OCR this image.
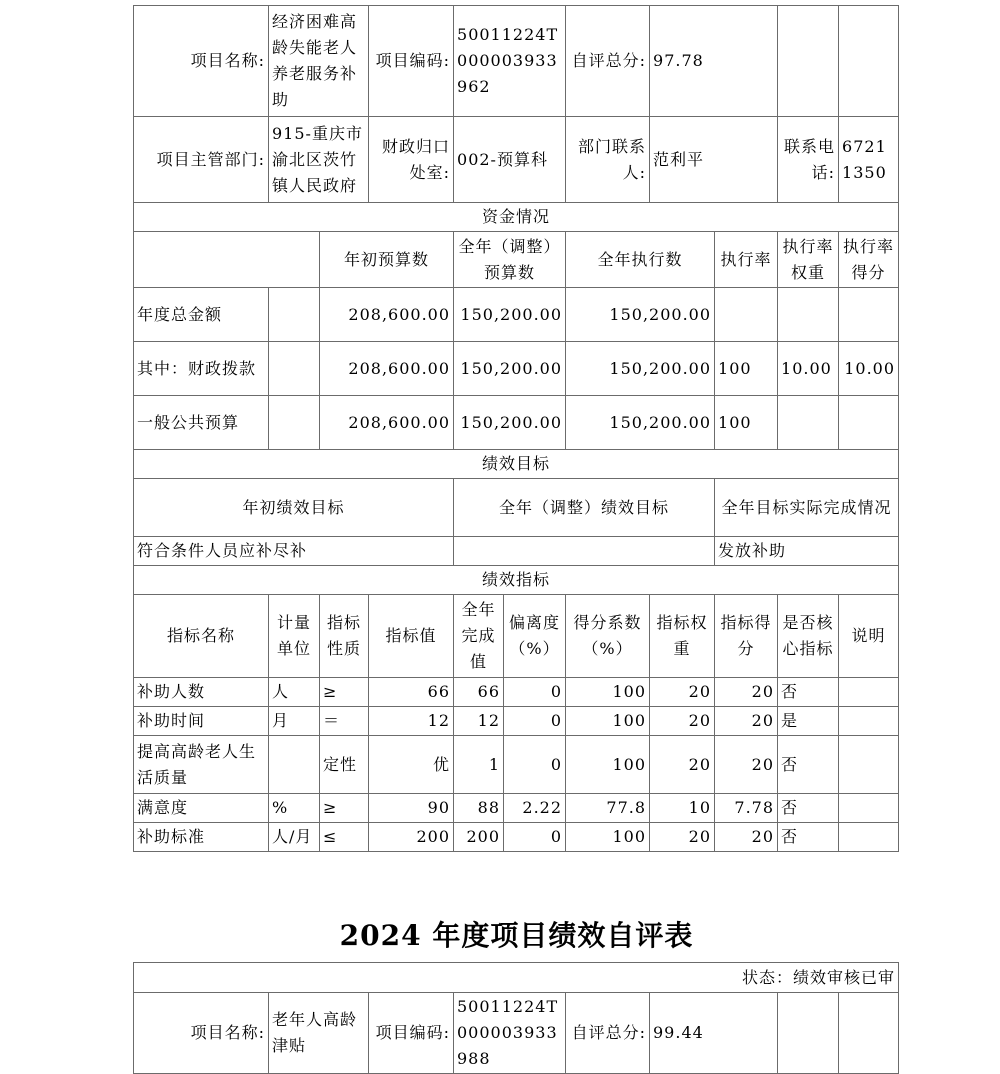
项目名称:	经济困难高龄失能老人养老服务补助		项目编码:	50011224T000003933962		自评总分:	97.78			
项目主管部门:	915-重庆市渝北区茨竹镇人民政府		财政归口处室:	002-预算科		部门联系人:	范利平		联系电话:	67211350
资金情况										
		年初预算数		全年（调整）预算数		全年执行数		执行率	执行率权重	执行率得分
年度总金额		208,600.00		150,200.00		150,200.00				
其中：财政拨款		208,600.00		150,200.00		150,200.00		100	10.00	10.00
一般公共预算		208,600.00		150,200.00		150,200.00		100		
绩效目标										
年初绩效目标				全年（调整）绩效目标				全年目标实际完成情况		
符合条件人员应补尽补								发放补助		
绩效指标										
指标名称	计量单位	指标性质	指标值	全年完成值	偏离度（%）	得分系数（%）	指标权重	指标得分	是否核心指标	说明
补助人数	人	≥	66	66	0	100	20	20	否	
补助时间	月	＝	12	12	0	100	20	20	是	
提高高龄老人生活质量		定性	优	1	0	100	20	20	否	
满意度	%	≥	90	88	2.22	77.8	10	7.78	否	
补助标准	人/月	≤	200	200	0	100	20	20	否	
2024 年度项目绩效自评表
状态：绩效审核已审
项目名称:	老年人高龄津贴	项目编码:	50011224T000003933988	自评总分:	99.44		
